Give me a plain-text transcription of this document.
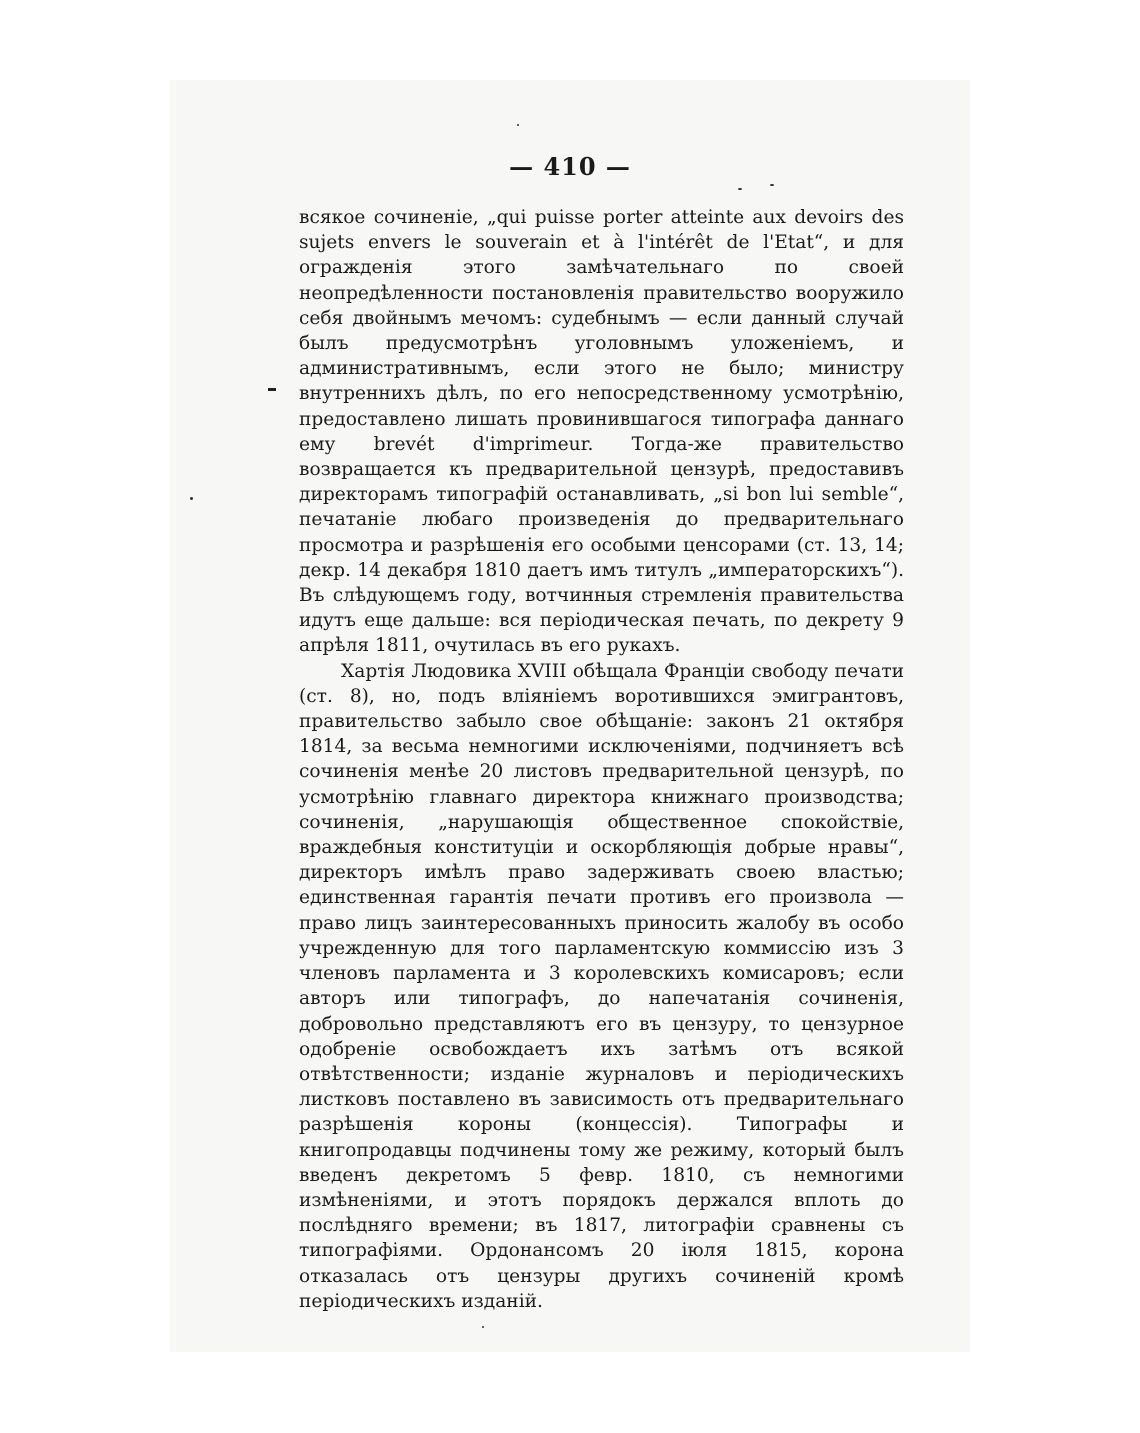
— 410 —

всякое сочиненіе, „qui puisse porter atteinte aux devoirs des sujets envers le souverain et à l'intérêt de l'Etat“, и для огражденія этого замѣчательнаго по своей неопредѣленности постановленія правительство вооружило себя двойнымъ мечомъ: судебнымъ — если данный случай былъ предусмотрѣнъ уголовнымъ уложеніемъ, и административнымъ, если этого не было; министру внутреннихъ дѣлъ, по его непосредственному усмотрѣнію, предоставлено лишать провинившагося типографа даннаго ему brevét d'imprimeur. Тогда-же правительство возвращается къ предварительной цензурѣ, предоставивъ директорамъ типографій останавливать, „si bon lui semble“, печатаніе любаго произведенія до предварительнаго просмотра и разрѣшенія его особыми ценсорами (ст. 13, 14; декр. 14 декабря 1810 даетъ имъ титулъ „императорскихъ“). Въ слѣдующемъ году, вотчинныя стремленія правительства идутъ еще дальше: вся періодическая печать, по декрету 9 апрѣля 1811, очутилась въ его рукахъ.

Хартія Людовика XVIII обѣщала Франціи свободу печати (ст. 8), но, подъ вліяніемъ воротившихся эмигрантовъ, правительство забыло свое обѣщаніе: законъ 21 октября 1814, за весьма немногими исключеніями, подчиняетъ всѣ сочиненія менѣе 20 листовъ предварительной цензурѣ, по усмотрѣнію главнаго директора книжнаго производства; сочиненія, „нарушающія общественное спокойствіе, враждебныя конституціи и оскорбляющія добрые нравы“, директоръ имѣлъ право задерживать своею властью; единственная гарантія печати противъ его произвола — право лицъ заинтересованныхъ приносить жалобу въ особо учрежденную для того парламентскую коммиссію изъ 3 членовъ парламента и 3 королевскихъ комисаровъ; если авторъ или типографъ, до напечатанія сочиненія, добровольно представляютъ его въ цензуру, то цензурное одобреніе освобождаетъ ихъ затѣмъ отъ всякой отвѣтственности; изданіе журналовъ и періодическихъ листковъ поставлено въ зависимость отъ предварительнаго разрѣшенія короны (концессія). Типографы и книгопродавцы подчинены тому же режиму, который былъ введенъ декретомъ 5 февр. 1810, съ немногими измѣненіями, и этотъ порядокъ держался вплоть до послѣдняго времени; въ 1817, литографіи сравнены съ типографіями. Ордонансомъ 20 іюля 1815, корона отказалась отъ цензуры другихъ сочиненій кромѣ періодическихъ изданій.
